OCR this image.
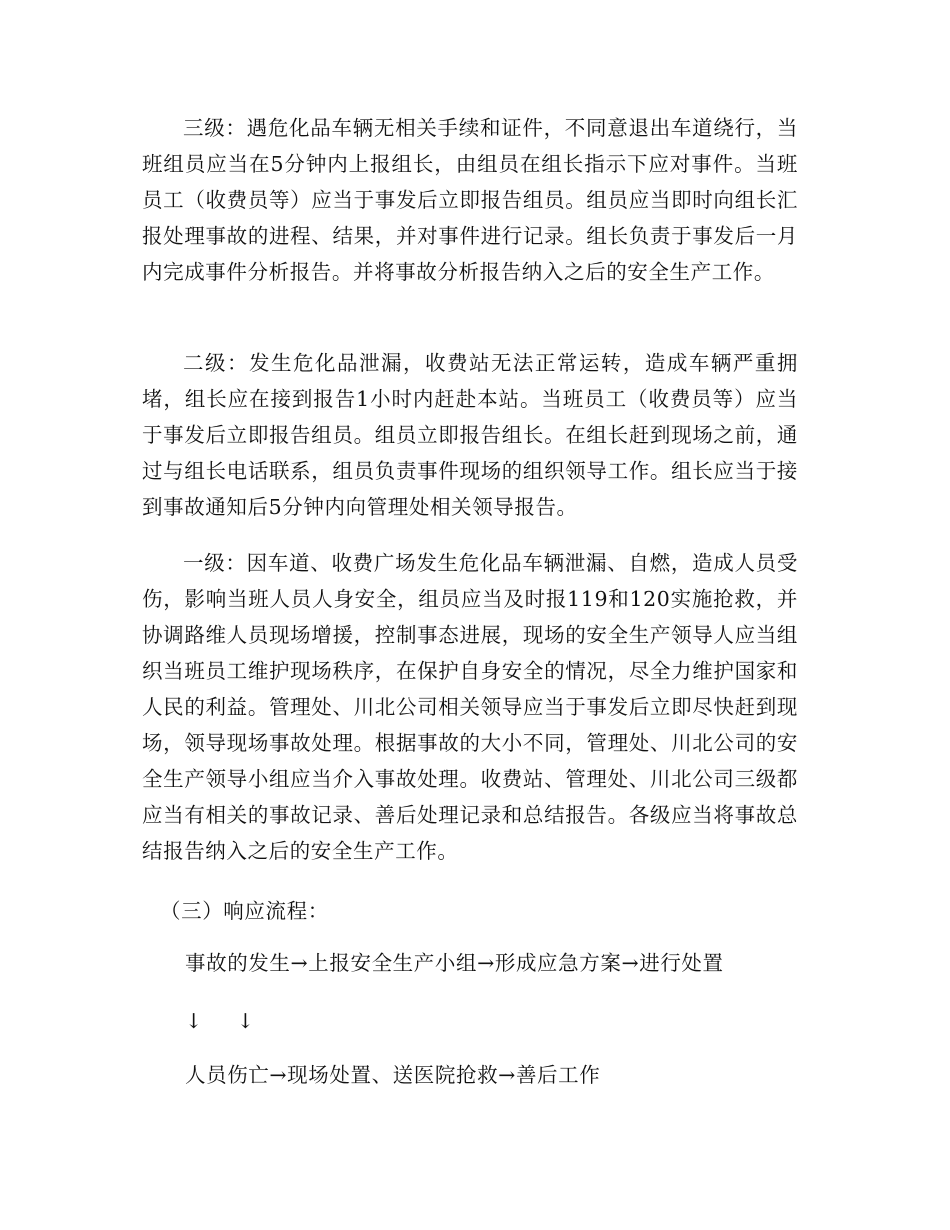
三级：遇危化品车辆无相关手续和证件，不同意退出车道绕行，当班组员应当在5分钟内上报组长，由组员在组长指示下应对事件。当班员工（收费员等）应当于事发后立即报告组员。组员应当即时向组长汇报处理事故的进程、结果，并对事件进行记录。组长负责于事发后一月内完成事件分析报告。并将事故分析报告纳入之后的安全生产工作。

二级：发生危化品泄漏，收费站无法正常运转，造成车辆严重拥堵，组长应在接到报告1小时内赶赴本站。当班员工（收费员等）应当于事发后立即报告组员。组员立即报告组长。在组长赶到现场之前，通过与组长电话联系，组员负责事件现场的组织领导工作。组长应当于接到事故通知后5分钟内向管理处相关领导报告。

一级：因车道、收费广场发生危化品车辆泄漏、自燃，造成人员受伤，影响当班人员人身安全，组员应当及时报119和120实施抢救，并协调路维人员现场增援，控制事态进展，现场的安全生产领导人应当组织当班员工维护现场秩序，在保护自身安全的情况，尽全力维护国家和人民的利益。管理处、川北公司相关领导应当于事发后立即尽快赶到现场，领导现场事故处理。根据事故的大小不同，管理处、川北公司的安全生产领导小组应当介入事故处理。收费站、管理处、川北公司三级都应当有相关的事故记录、善后处理记录和总结报告。各级应当将事故总结报告纳入之后的安全生产工作。

（三）响应流程：

事故的发生→上报安全生产小组→形成应急方案→进行处置

↓ ↓

人员伤亡→现场处置、送医院抢救→善后工作
